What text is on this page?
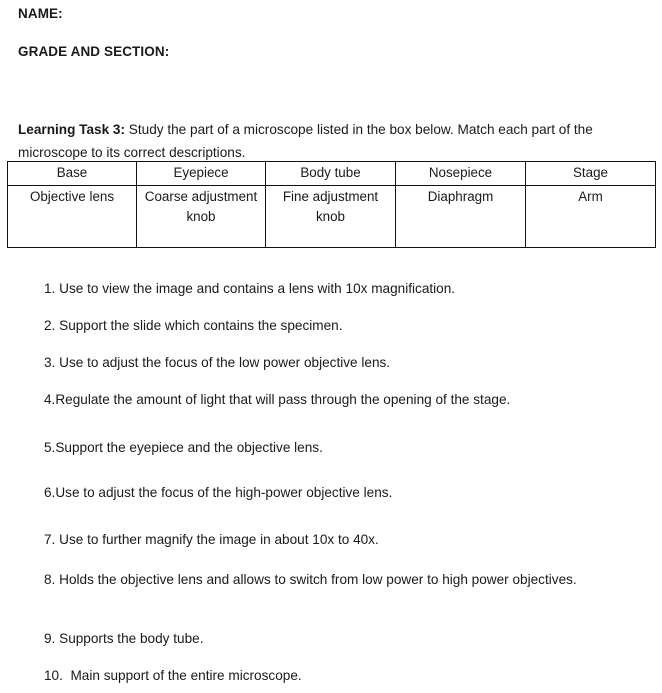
NAME:
GRADE AND SECTION:

Learning Task 3: Study the part of a microscope listed in the box below. Match each part of the microscope to its correct descriptions.

Base	Eyepiece	Body tube	Nosepiece	Stage
Objective lens	Coarse adjustment knob	Fine adjustment knob	Diaphragm	Arm
1. Use to view the image and contains a lens with 10x magnification.
2. Support the slide which contains the specimen.
3. Use to adjust the focus of the low power objective lens.
4.Regulate the amount of light that will pass through the opening of the stage.
5.Support the eyepiece and the objective lens.
6.Use to adjust the focus of the high-power objective lens.
7. Use to further magnify the image in about 10x to 40x.
8. Holds the objective lens and allows to switch from low power to high power objectives.
9. Supports the body tube.
10.  Main support of the entire microscope.
